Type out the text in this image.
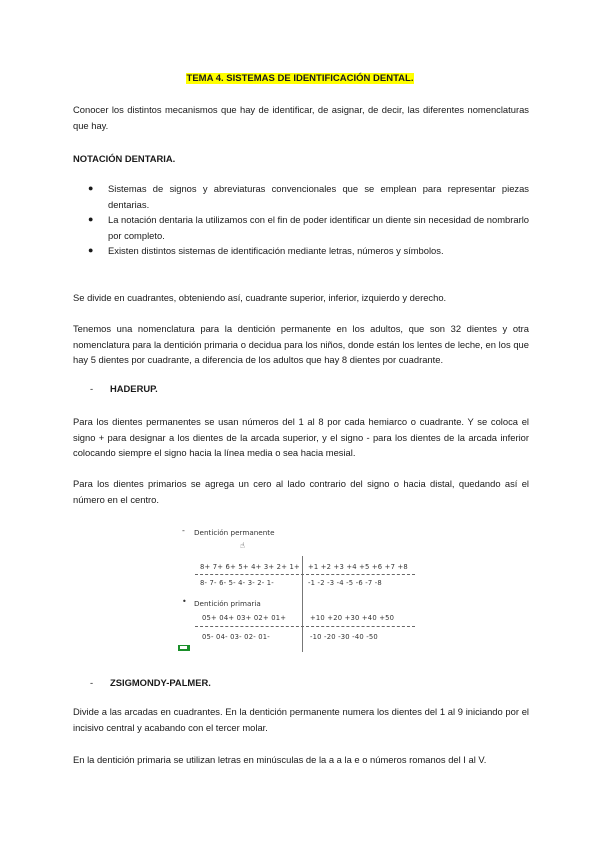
TEMA 4. SISTEMAS DE IDENTIFICACIÓN DENTAL.

Conocer los distintos mecanismos que hay de identificar, de asignar, de decir, las diferentes nomenclaturas que hay.

NOTACIÓN DENTARIA.

● Sistemas de signos y abreviaturas convencionales que se emplean para representar piezas dentarias.
● La notación dentaria la utilizamos con el fin de poder identificar un diente sin necesidad de nombrarlo por completo.
● Existen distintos sistemas de identificación mediante letras, números y símbolos.

Se divide en cuadrantes, obteniendo así, cuadrante superior, inferior, izquierdo y derecho.

Tenemos una nomenclatura para la dentición permanente en los adultos, que son 32 dientes y otra nomenclatura para la dentición primaria o decidua para los niños, donde están los lentes de leche, en los que hay 5 dientes por cuadrante, a diferencia de los adultos que hay 8 dientes por cuadrante.

- HADERUP.

Para los dientes permanentes se usan números del 1 al 8 por cada hemiarco o cuadrante. Y se coloca el signo + para designar a los dientes de la arcada superior, y el signo - para los dientes de la arcada inferior colocando siempre el signo hacia la línea media o sea hacia mesial.

Para los dientes primarios se agrega un cero al lado contrario del signo o hacia distal, quedando así el número en el centro.

- Dentición permanente
☝
8+ 7+ 6+ 5+ 4+ 3+ 2+ 1+ +1 +2 +3 +4 +5 +6 +7 +8
8- 7- 6- 5- 4- 3- 2- 1-	-1 -2 -3 -4 -5 -6 -7 -8
• Dentición primaria
05+ 04+ 03+ 02+ 01+	+10 +20 +30 +40 +50
05- 04- 03- 02- 01-	-10 -20 -30 -40 -50
- ZSIGMONDY-PALMER.

Divide a las arcadas en cuadrantes. En la dentición permanente numera los dientes del 1 al 9 iniciando por el incisivo central y acabando con el tercer molar.

En la dentición primaria se utilizan letras en minúsculas de la a a la e o números romanos del I al V.
